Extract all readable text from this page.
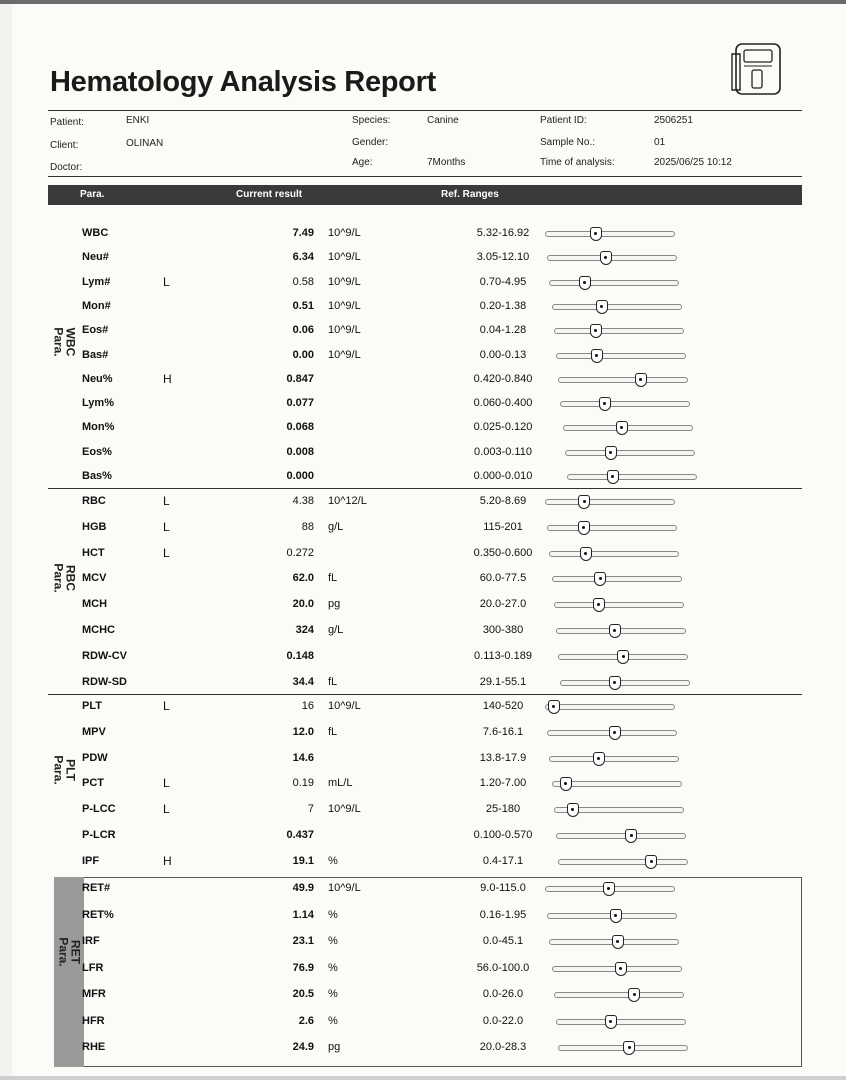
Hematology Analysis Report
Patient:	ENKI
Client:	OLINAN
Doctor:
Species:	Canine
Gender:
Age:	7Months
Patient ID:	2506251
Sample No.:	01
Time of analysis:	2025/06/25 10:12
Para.	Current result	Ref. Ranges
WBC
Para.
RBC
Para.
PLT
Para.
RET
Para.
WBC	7.49 10^9/L	5.32-16.92
Neu#	6.34 10^9/L	3.05-12.10
Lym#	L	0.58 10^9/L	0.70-4.95
Mon#	0.51 10^9/L	0.20-1.38
Eos#	0.06 10^9/L	0.04-1.28
Bas#	0.00 10^9/L	0.00-0.13
Neu%	H	0.847	0.420-0.840
Lym%	0.077	0.060-0.400
Mon%	0.068	0.025-0.120
Eos%	0.008	0.003-0.110
Bas%	0.000	0.000-0.010
RBC	L	4.38 10^12/L	5.20-8.69
HGB	L	88 g/L	115-201
HCT	L	0.272	0.350-0.600
MCV	62.0 fL	60.0-77.5
MCH	20.0 pg	20.0-27.0
MCHC	324 g/L	300-380
RDW-CV	0.148	0.113-0.189
RDW-SD	34.4 fL	29.1-55.1
PLT	L	16 10^9/L	140-520
MPV	12.0 fL	7.6-16.1
PDW	14.6	13.8-17.9
PCT	L	0.19 mL/L	1.20-7.00
P-LCC	L	7 10^9/L	25-180
P-LCR	0.437	0.100-0.570
IPF	H	19.1 %	0.4-17.1
RET#	49.9 10^9/L	9.0-115.0
RET%	1.14 %	0.16-1.95
IRF	23.1 %	0.0-45.1
LFR	76.9 %	56.0-100.0
MFR	20.5 %	0.0-26.0
HFR	2.6 %	0.0-22.0
RHE	24.9 pg	20.0-28.3
